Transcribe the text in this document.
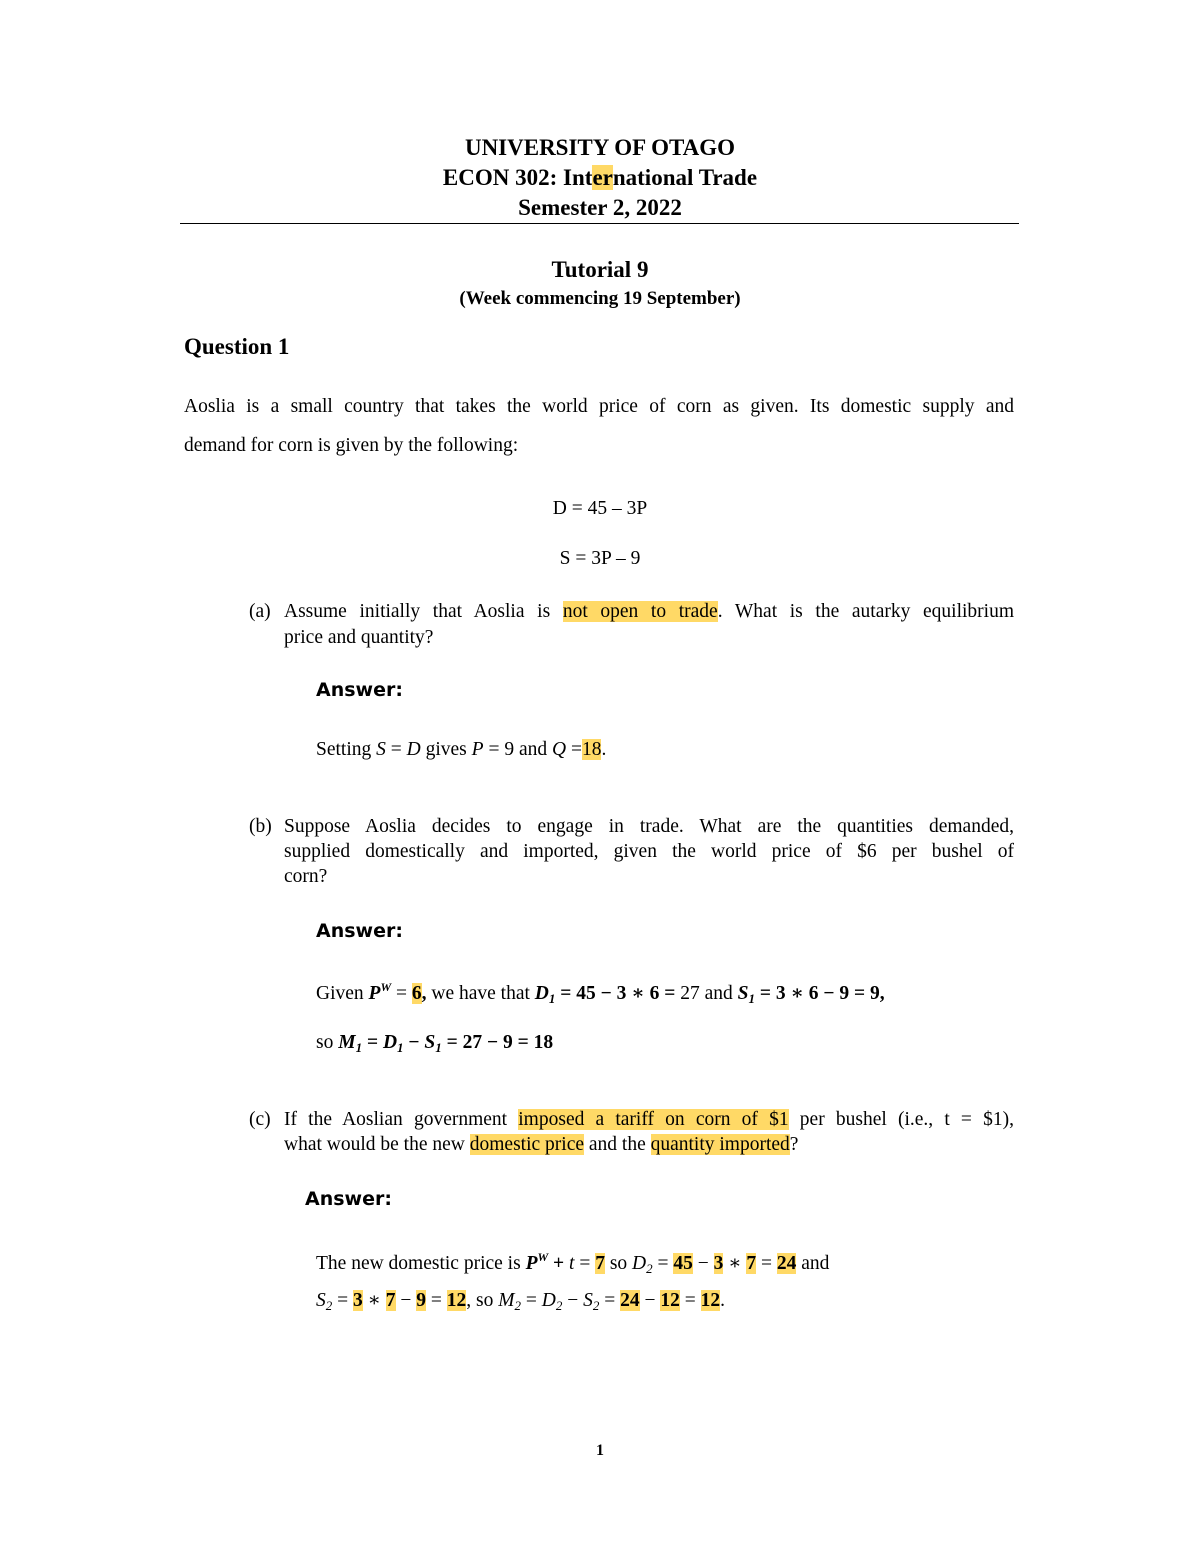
UNIVERSITY OF OTAGO
ECON 302: International Trade
Semester 2, 2022
Tutorial 9
(Week commencing 19 September)
Question 1
Aoslia is a small country that takes the world price of corn as given. Its domestic supply and
demand for corn is given by the following:
D = 45 – 3P
S = 3P – 9
(a) Assume initially that Aoslia is not open to trade. What is the autarky equilibrium
price and quantity?
Answer:
Setting S = D gives P = 9 and Q =18.
(b) Suppose Aoslia decides to engage in trade. What are the quantities demanded,
supplied domestically and imported, given the world price of $6 per bushel of
corn?
Answer:
Given $P^W = 6$, we have that $D_1 = 45 - 3$ ∗ 6 = 27 and $S_1 = 3$ ∗ 6 − 9 = 9,
so $M_1 = D_1 - S_1 = 27 - 9 = 18$
(c) If the Aoslian government imposed a tariff on corn of $1 per bushel (i.e., t = $1),
what would be the new domestic price and the quantity imported?
Answer:
The new domestic price is $P^W + t = 7$ so $D_2 = 45 - 3$ ∗ 7 = 24 and
$S_2 = 3$ ∗ 7 − 9 = 12, so $M_2 = D_2 - S_2 = 24 - 12 = 12$.
1
